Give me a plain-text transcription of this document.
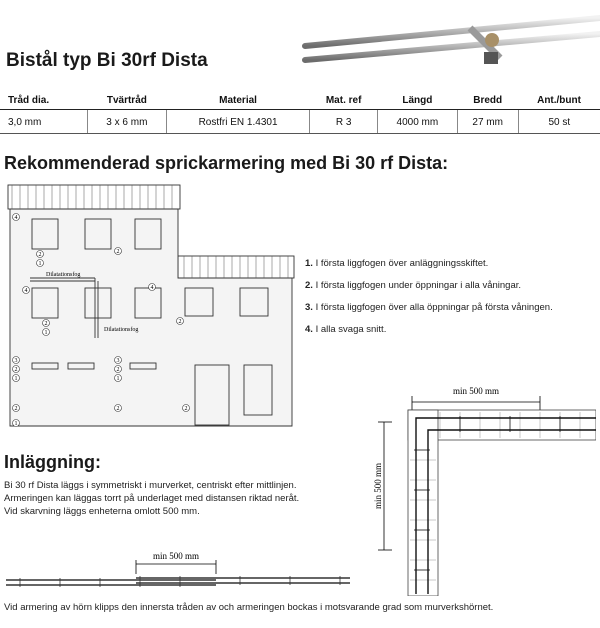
Bistål typ Bi 30rf Dista
Tråd dia.	Tvärtråd	Material	Mat. ref	Längd	Bredd	Ant./bunt
3,0 mm	3 x 6 mm	Rostfri EN 1.4301	R 3	4000 mm	27 mm	50 st
Rekommenderad sprickarmering med Bi 30 rf Dista:
4
2
2
1
4	4
2
2
1
3
2
1
3
2
1
2	2	2
1
Dilatationsfog
Dilatationsfog
1. I första liggfogen över anläggningsskiftet.
2. I första liggfogen under öppningar i alla våningar.
3. I första liggfogen över alla öppningar på första våningen.
4. I alla svaga snitt.
Inläggning:
Bi 30 rf Dista läggs i symmetriskt i murverket, centriskt efter mittlinjen.
Armeringen kan läggas torrt på underlaget med distansen riktad neråt.
Vid skarvning läggs enheterna omlott 500 mm.
min 500 mm
min 500 mm
min 500 mm
Vid armering av hörn klipps den innersta tråden av och armeringen bockas i motsvarande grad som murverkshörnet.
